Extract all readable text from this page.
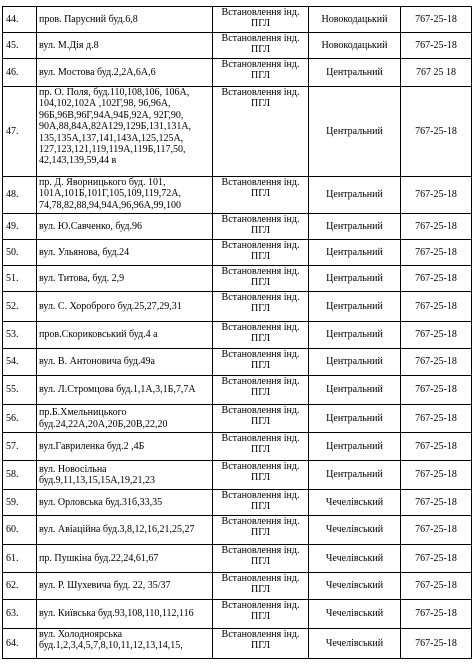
44.	пров. Парусний буд.6,8	Встановлення інд. ПГЛ	Новокодацький	767-25-18
45.	вул. М.Дія д.8	Встановлення інд. ПГЛ	Новокодацький	767-25-18
46.	вул. Мостова буд.2,2А,6А,6	Встановлення інд. ПГЛ	Центральний	767 25 18
47.	пр. О. Поля, буд.110,108,106, 106А, 104,102,102А ,102Г,98, 96,96А, 96Б,96В,96Г,94А,94Б,92А, 92Г,90, 90А,88,84А,82А129,129Б,131,131А, 135,135А,137,141,143А,125,125А, 127,123,121,119,119А,119Б,117,50, 42,143,139,59,44 в	Встановлення інд. ПГЛ	Центральний	767-25-18
48.	пр. Д. Яворницького буд. 101, 101А,101Б,101Г,105,109,119,72А, 74,78,82,88,94,94А,96,96А,99,100	Встановлення інд. ПГЛ	Центральний	767-25-18
49.	вул. Ю.Савченко, буд.96	Встановлення інд. ПГЛ	Центральний	767-25-18
50.	вул. Ульянова, буд.24	Встановлення інд. ПГЛ	Центральний	767-25-18
51.	вул. Титова, буд. 2,9	Встановлення інд. ПГЛ	Центральний	767-25-18
52.	вул. С. Хороброго буд.25,27,29,31	Встановлення інд. ПГЛ	Центральний	767-25-18
53.	пров.Скориковський буд.4 а	Встановлення інд. ПГЛ	Центральний	767-25-18
54.	вул. В. Антоновича буд.49а	Встановлення інд. ПГЛ	Центральний	767-25-18
55.	вул. Л.Стромцова буд.1,1А,3,1Б,7,7А	Встановлення інд. ПГЛ	Центральний	767-25-18
56.	пр.Б.Хмельницького буд.24,22А,20А,20Б,20В,22,20	Встановлення інд. ПГЛ	Центральний	767-25-18
57.	вул.Гавриленка буд.2 ,4Б	Встановлення інд. ПГЛ	Центральний	767-25-18
58.	вул. Новосільна буд.9,11,13,15,15А,19,21,23	Встановлення інд. ПГЛ	Центральний	767-25-18
59.	вул. Орловська буд.31б,33,35	Встановлення інд. ПГЛ	Чечелівський	767-25-18
60.	вул. Авіаційна буд.3,8,12,16,21,25,27	Встановлення інд. ПГЛ	Чечелівський	767-25-18
61.	пр. Пушкіна буд.22,24,61,67	Встановлення інд. ПГЛ	Чечелівський	767-25-18
62.	вул. Р. Шухевича буд. 22, 35/37	Встановлення інд. ПГЛ	Чечелівський	767-25-18
63.	вул. Київська буд.93,108,110,112,116	Встановлення інд. ПГЛ	Чечелівський	767-25-18
64.	вул. Холодноярська буд.1,2,3,4,5,7,8,10,11,12,13,14,15,	Встановлення інд. ПГЛ	Чечелівський	767-25-18
